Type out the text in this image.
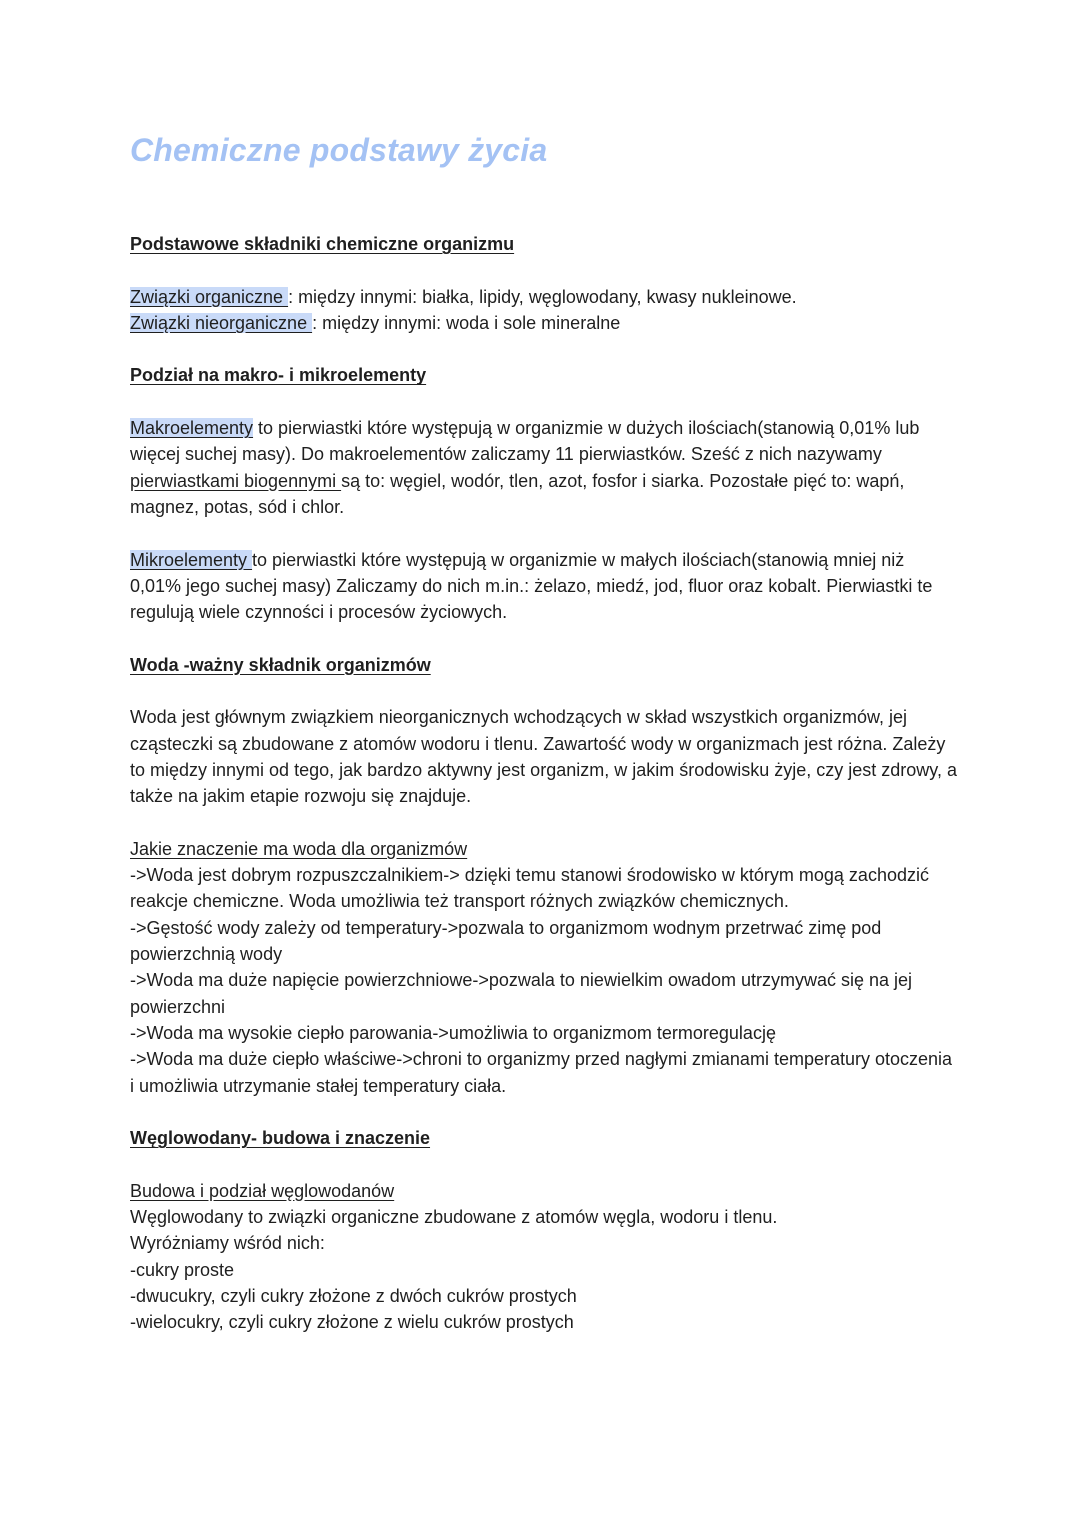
Chemiczne podstawy życia

Podstawowe składniki chemiczne organizmu

Związki organiczne : między innymi: białka, lipidy, węglowodany, kwasy nukleinowe.

Związki nieorganiczne : między innymi: woda i sole mineralne

Podział na makro- i mikroelementy

Makroelementy to pierwiastki które występują w organizmie w dużych ilościach(stanowią 0,01% lub więcej suchej masy). Do makroelementów zaliczamy 11 pierwiastków. Sześć z nich nazywamy pierwiastkami biogennymi są to: węgiel, wodór, tlen, azot, fosfor i siarka. Pozostałe pięć to: wapń, magnez, potas, sód i chlor.

Mikroelementy to pierwiastki które występują w organizmie w małych ilościach(stanowią mniej niż 0,01% jego suchej masy) Zaliczamy do nich m.in.: żelazo, miedź, jod, fluor oraz kobalt. Pierwiastki te regulują wiele czynności i procesów życiowych.

Woda -ważny składnik organizmów

Woda jest głównym związkiem nieorganicznych wchodzących w skład wszystkich organizmów, jej cząsteczki są zbudowane z atomów wodoru i tlenu. Zawartość wody w organizmach jest różna. Zależy to między innymi od tego, jak bardzo aktywny jest organizm, w jakim środowisku żyje, czy jest zdrowy, a także na jakim etapie rozwoju się znajduje.

Jakie znaczenie ma woda dla organizmów

->Woda jest dobrym rozpuszczalnikiem-> dzięki temu stanowi środowisko w którym mogą zachodzić reakcje chemiczne. Woda umożliwia też transport różnych związków chemicznych.

->Gęstość wody zależy od temperatury->pozwala to organizmom wodnym przetrwać zimę pod powierzchnią wody

->Woda ma duże napięcie powierzchniowe->pozwala to niewielkim owadom utrzymywać się na jej powierzchni

->Woda ma wysokie ciepło parowania->umożliwia to organizmom termoregulację

->Woda ma duże ciepło właściwe->chroni to organizmy przed nagłymi zmianami temperatury otoczenia i umożliwia utrzymanie stałej temperatury ciała.

Węglowodany- budowa i znaczenie

Budowa i podział węglowodanów

Węglowodany to związki organiczne zbudowane z atomów węgla, wodoru i tlenu.

Wyróżniamy wśród nich:

-cukry proste

-dwucukry, czyli cukry złożone z dwóch cukrów prostych

-wielocukry, czyli cukry złożone z wielu cukrów prostych
